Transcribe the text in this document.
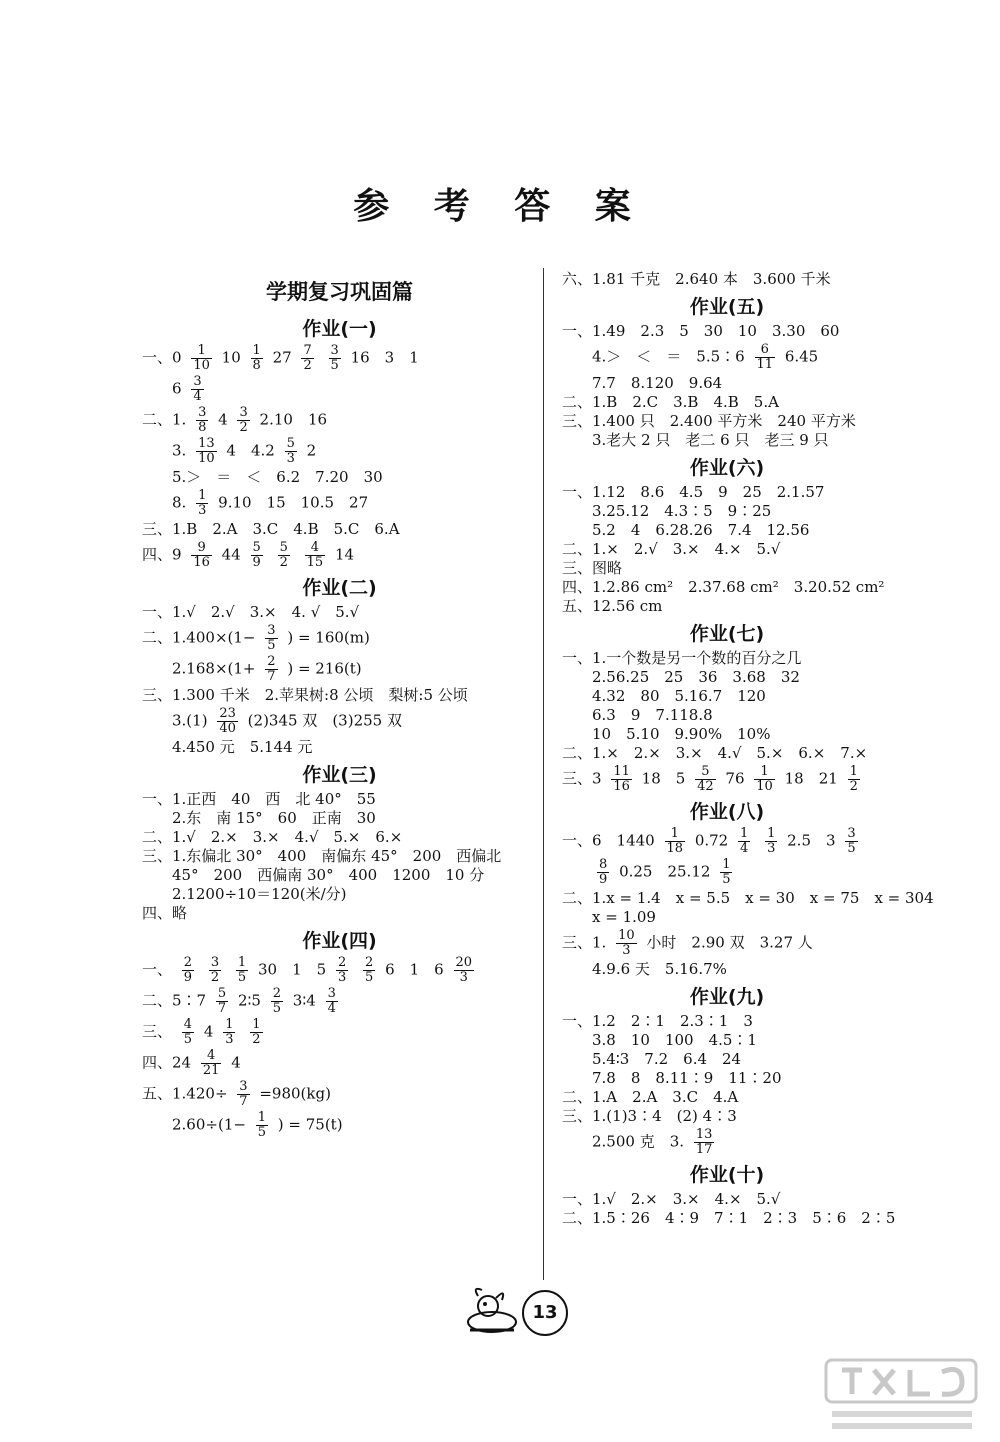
参 考 答 案
学期复习巩固篇
作业(一)
一、$0 \frac{1}{10} 10 \frac{1}{8} 27 \frac{7}{2}$
$\frac{3}{5} 16$　3　1
$6 \frac{3}{4}$
二、1. $\frac{3}{8} 4 \frac{3}{2} 2.10$　16
3. $\frac{13}{10} 4$　$4.2 \frac{5}{3} 2$
5.＞　＝　＜　6.2　7.20　30
8. $\frac{1}{3} 9.10$　15　10.5　27
三、1.B　2.A　3.C　4.B　5.C　6.A
四、$9 \frac{9}{16} 44 \frac{5}{9}$
$\frac{5}{2}$
$\frac{4}{15} 14$
作业(二)
一、1.√　2.√　3.×　4. √　5.√
二、$1.400\times(1- \frac{3}{5}$ ) = 160(m)
$2.168\times(1+ \frac{2}{7}$ ) = 216(t)
三、1.300 千米　2.苹果树:8 公顷　梨树:5 公顷
$3.(1) \frac{23}{40} (2)345$ 双　(3)255 双
4.450 元　5.144 元
作业(三)
一、1.正西　40　西　北 40°　55
2.东　南 15°　60　正南　30
二、1.√　2.×　3.×　4.√　5.×　6.×
三、1.东偏北 30°　400　南偏东 45°　200　西偏北
45°　200　西偏南 30°　400　1200　10 分
2.1200÷10＝120(米/分)
四、略
作业(四)
一、 $\frac{2}{9}$
$\frac{3}{2}$
$\frac{1}{5} 30$　1　$5 \frac{2}{3}$
$\frac{2}{5} 6$　1　$6 \frac{20}{3}$
二、5∶7 $\frac{5}{7}$ 2∶5 $\frac{2}{5}$ 3∶4 $\frac{3}{4}$
三、 $\frac{4}{5} 4 \frac{1}{3}$
$\frac{1}{2}$
四、$24 \frac{4}{21} 4$
五、$1.420\div \frac{3}{7} =980(kg)$
$2.60\div(1- \frac{1}{5}$ ) = 75(t)
六、1.81 千克　2.640 本　3.600 千米
作业(五)
一、1.49　2.3　5　30　10　3.30　60
4.＞　＜　＝　5.5∶6 $\frac{6}{11} 6.45$
7.7　8.120　9.64
二、1.B　2.C　3.B　4.B　5.A
三、1.400 只　2.400 平方米　240 平方米
3.老大 2 只　老二 6 只　老三 9 只
作业(六)
一、1.12　8.6　4.5　9　25　2.1.57
3.25.12　4.3∶5　9∶25
5.2　4　6.28.26　7.4　12.56
二、1.×　2.√　3.×　4.×　5.√
三、图略
四、1.2.86 cm²　2.37.68 cm²　3.20.52 cm²
五、12.56 cm
作业(七)
一、1.一个数是另一个数的百分之几
2.56.25　25　36　3.68　32
4.32　80　5.16.7　120
6.3　9　7.118.8
10　5.10　9.90%　10%
二、1.×　2.×　3.×　4.√　5.×　6.×　7.×
三、$3 \frac{11}{16} 18$　$5 \frac{5}{42} 76 \frac{1}{10} 18$　$21 \frac{1}{2}$
作业(八)
一、6　$1440 \frac{1}{18} 0.72 \frac{1}{4}$
$\frac{1}{3} 2.5$　$3 \frac{3}{5}$
$\frac{8}{9} 0.25$　$25.12 \frac{1}{5}$
二、1.x = 1.4　x = 5.5　x = 30　x = 75　x = 304
x = 1.09
三、1. $\frac{10}{3}$ 小时　2.90 双　3.27 人
4.9.6 天　5.16.7%
作业(九)
一、1.2　2∶1　2.3∶1　3
3.8　10　100　4.5∶1
5.4∶3　7.2　6.4　24
7.8　8　8.11∶9　11∶20
二、1.A　2.A　3.C　4.A
三、1.(1)3∶4　(2) 4∶3
2.500 克　3. $\frac{13}{17}$
作业(十)
一、1.√　2.×　3.×　4.×　5.√
二、1.5∶26　4∶9　7∶1　2∶3　5∶6　2∶5
13
